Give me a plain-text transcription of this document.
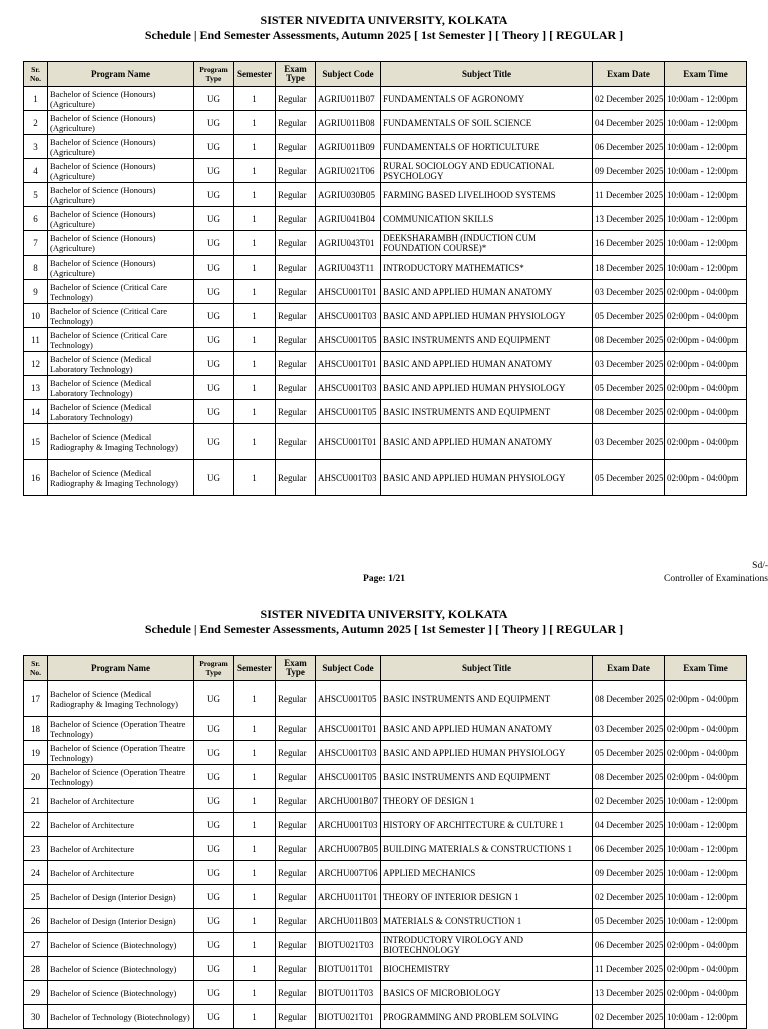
SISTER NIVEDITA UNIVERSITY, KOLKATA
Schedule | End Semester Assessments, Autumn 2025 [ 1st Semester ] [ Theory ] [ REGULAR ]
Sr. No.	Program Name	Program Type	Semester	Exam Type	Subject Code	Subject Title	Exam Date	Exam Time
1	Bachelor of Science (Honours) (Agriculture)	UG	1	Regular	AGRIU011B07	FUNDAMENTALS OF AGRONOMY	02 December 2025	10:00am - 12:00pm
2	Bachelor of Science (Honours) (Agriculture)	UG	1	Regular	AGRIU011B08	FUNDAMENTALS OF SOIL SCIENCE	04 December 2025	10:00am - 12:00pm
3	Bachelor of Science (Honours) (Agriculture)	UG	1	Regular	AGRIU011B09	FUNDAMENTALS OF HORTICULTURE	06 December 2025	10:00am - 12:00pm
4	Bachelor of Science (Honours) (Agriculture)	UG	1	Regular	AGRIU021T06	RURAL SOCIOLOGY AND EDUCATIONAL PSYCHOLOGY	09 December 2025	10:00am - 12:00pm
5	Bachelor of Science (Honours) (Agriculture)	UG	1	Regular	AGRIU030B05	FARMING BASED LIVELIHOOD SYSTEMS	11 December 2025	10:00am - 12:00pm
6	Bachelor of Science (Honours) (Agriculture)	UG	1	Regular	AGRIU041B04	COMMUNICATION SKILLS	13 December 2025	10:00am - 12:00pm
7	Bachelor of Science (Honours) (Agriculture)	UG	1	Regular	AGRIU043T01	DEEKSHARAMBH (INDUCTION CUM FOUNDATION COURSE)*	16 December 2025	10:00am - 12:00pm
8	Bachelor of Science (Honours) (Agriculture)	UG	1	Regular	AGRIU043T11	INTRODUCTORY MATHEMATICS*	18 December 2025	10:00am - 12:00pm
9	Bachelor of Science (Critical Care Technology)	UG	1	Regular	AHSCU001T01	BASIC AND APPLIED HUMAN ANATOMY	03 December 2025	02:00pm - 04:00pm
10	Bachelor of Science (Critical Care Technology)	UG	1	Regular	AHSCU001T03	BASIC AND APPLIED HUMAN PHYSIOLOGY	05 December 2025	02:00pm - 04:00pm
11	Bachelor of Science (Critical Care Technology)	UG	1	Regular	AHSCU001T05	BASIC INSTRUMENTS AND EQUIPMENT	08 December 2025	02:00pm - 04:00pm
12	Bachelor of Science (Medical Laboratory Technology)	UG	1	Regular	AHSCU001T01	BASIC AND APPLIED HUMAN ANATOMY	03 December 2025	02:00pm - 04:00pm
13	Bachelor of Science (Medical Laboratory Technology)	UG	1	Regular	AHSCU001T03	BASIC AND APPLIED HUMAN PHYSIOLOGY	05 December 2025	02:00pm - 04:00pm
14	Bachelor of Science (Medical Laboratory Technology)	UG	1	Regular	AHSCU001T05	BASIC INSTRUMENTS AND EQUIPMENT	08 December 2025	02:00pm - 04:00pm
15	Bachelor of Science (Medical Radiography & Imaging Technology)	UG	1	Regular	AHSCU001T01	BASIC AND APPLIED HUMAN ANATOMY	03 December 2025	02:00pm - 04:00pm
16	Bachelor of Science (Medical Radiography & Imaging Technology)	UG	1	Regular	AHSCU001T03	BASIC AND APPLIED HUMAN PHYSIOLOGY	05 December 2025	02:00pm - 04:00pm
Sd/-
Page: 1/21	Controller of Examinations
SISTER NIVEDITA UNIVERSITY, KOLKATA
Schedule | End Semester Assessments, Autumn 2025 [ 1st Semester ] [ Theory ] [ REGULAR ]
Sr. No.	Program Name	Program Type	Semester	Exam Type	Subject Code	Subject Title	Exam Date	Exam Time
17	Bachelor of Science (Medical Radiography & Imaging Technology)	UG	1	Regular	AHSCU001T05	BASIC INSTRUMENTS AND EQUIPMENT	08 December 2025	02:00pm - 04:00pm
18	Bachelor of Science (Operation Theatre Technology)	UG	1	Regular	AHSCU001T01	BASIC AND APPLIED HUMAN ANATOMY	03 December 2025	02:00pm - 04:00pm
19	Bachelor of Science (Operation Theatre Technology)	UG	1	Regular	AHSCU001T03	BASIC AND APPLIED HUMAN PHYSIOLOGY	05 December 2025	02:00pm - 04:00pm
20	Bachelor of Science (Operation Theatre Technology)	UG	1	Regular	AHSCU001T05	BASIC INSTRUMENTS AND EQUIPMENT	08 December 2025	02:00pm - 04:00pm
21	Bachelor of Architecture	UG	1	Regular	ARCHU001B07	THEORY OF DESIGN 1	02 December 2025	10:00am - 12:00pm
22	Bachelor of Architecture	UG	1	Regular	ARCHU001T03	HISTORY OF ARCHITECTURE & CULTURE 1	04 December 2025	10:00am - 12:00pm
23	Bachelor of Architecture	UG	1	Regular	ARCHU007B05	BUILDING MATERIALS & CONSTRUCTIONS 1	06 December 2025	10:00am - 12:00pm
24	Bachelor of Architecture	UG	1	Regular	ARCHU007T06	APPLIED MECHANICS	09 December 2025	10:00am - 12:00pm
25	Bachelor of Design (Interior Design)	UG	1	Regular	ARCHU011T01	THEORY OF INTERIOR DESIGN 1	02 December 2025	10:00am - 12:00pm
26	Bachelor of Design (Interior Design)	UG	1	Regular	ARCHU011B03	MATERIALS & CONSTRUCTION 1	05 December 2025	10:00am - 12:00pm
27	Bachelor of Science (Biotechnology)	UG	1	Regular	BIOTU021T03	INTRODUCTORY VIROLOGY AND BIOTECHNOLOGY	06 December 2025	02:00pm - 04:00pm
28	Bachelor of Science (Biotechnology)	UG	1	Regular	BIOTU011T01	BIOCHEMISTRY	11 December 2025	02:00pm - 04:00pm
29	Bachelor of Science (Biotechnology)	UG	1	Regular	BIOTU011T03	BASICS OF MICROBIOLOGY	13 December 2025	02:00pm - 04:00pm
30	Bachelor of Technology (Biotechnology)	UG	1	Regular	BIOTU021T01	PROGRAMMING AND PROBLEM SOLVING	02 December 2025	10:00am - 12:00pm
